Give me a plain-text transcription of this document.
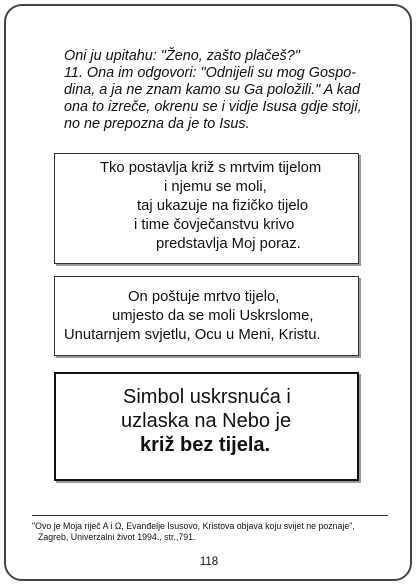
Oni ju upitahu: "Ženo, zašto plačeš?"
11. Ona im odgovori: "Odnijeli su mog Gospo-
dina, a ja ne znam kamo su Ga položili." A kad
ona to izreče, okrenu se i vidje Isusa gdje stoji,
no ne prepozna da je to Isus.
Tko postavlja križ s mrtvim tijelom
i njemu se moli,
taj ukazuje na fizičko tijelo
i time čovječanstvu krivo
predstavlja Moj poraz.
On poštuje mrtvo tijelo,
umjesto da se moli Uskrslome,
Unutarnjem svjetlu, Ocu u Meni, Kristu.
Simbol uskrsnuća i
uzlaska na Nebo je
križ bez tijela.
"Ovo je Moja riječ A i Ω, Evanđelje Isusovo, Kristova objava koju svijet ne poznaje",
Zagreb, Univerzalni život 1994., str.,791.
118
